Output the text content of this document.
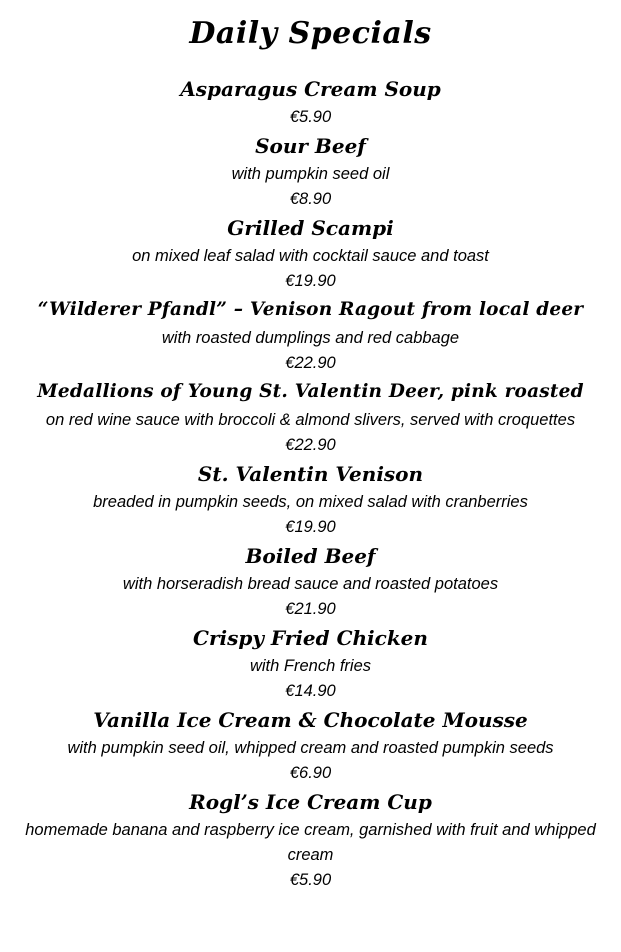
Daily Specials
Asparagus Cream Soup
€5.90
Sour Beef
with pumpkin seed oil
€8.90
Grilled Scampi
on mixed leaf salad with cocktail sauce and toast
€19.90
“Wilderer Pfandl” – Venison Ragout from local deer
with roasted dumplings and red cabbage
€22.90
Medallions of Young St. Valentin Deer, pink roasted
on red wine sauce with broccoli & almond slivers, served with croquettes
€22.90
St. Valentin Venison
breaded in pumpkin seeds, on mixed salad with cranberries
€19.90
Boiled Beef
with horseradish bread sauce and roasted potatoes
€21.90
Crispy Fried Chicken
with French fries
€14.90
Vanilla Ice Cream & Chocolate Mousse
with pumpkin seed oil, whipped cream and roasted pumpkin seeds
€6.90
Rogl’s Ice Cream Cup
homemade banana and raspberry ice cream, garnished with fruit and whipped cream
€5.90
